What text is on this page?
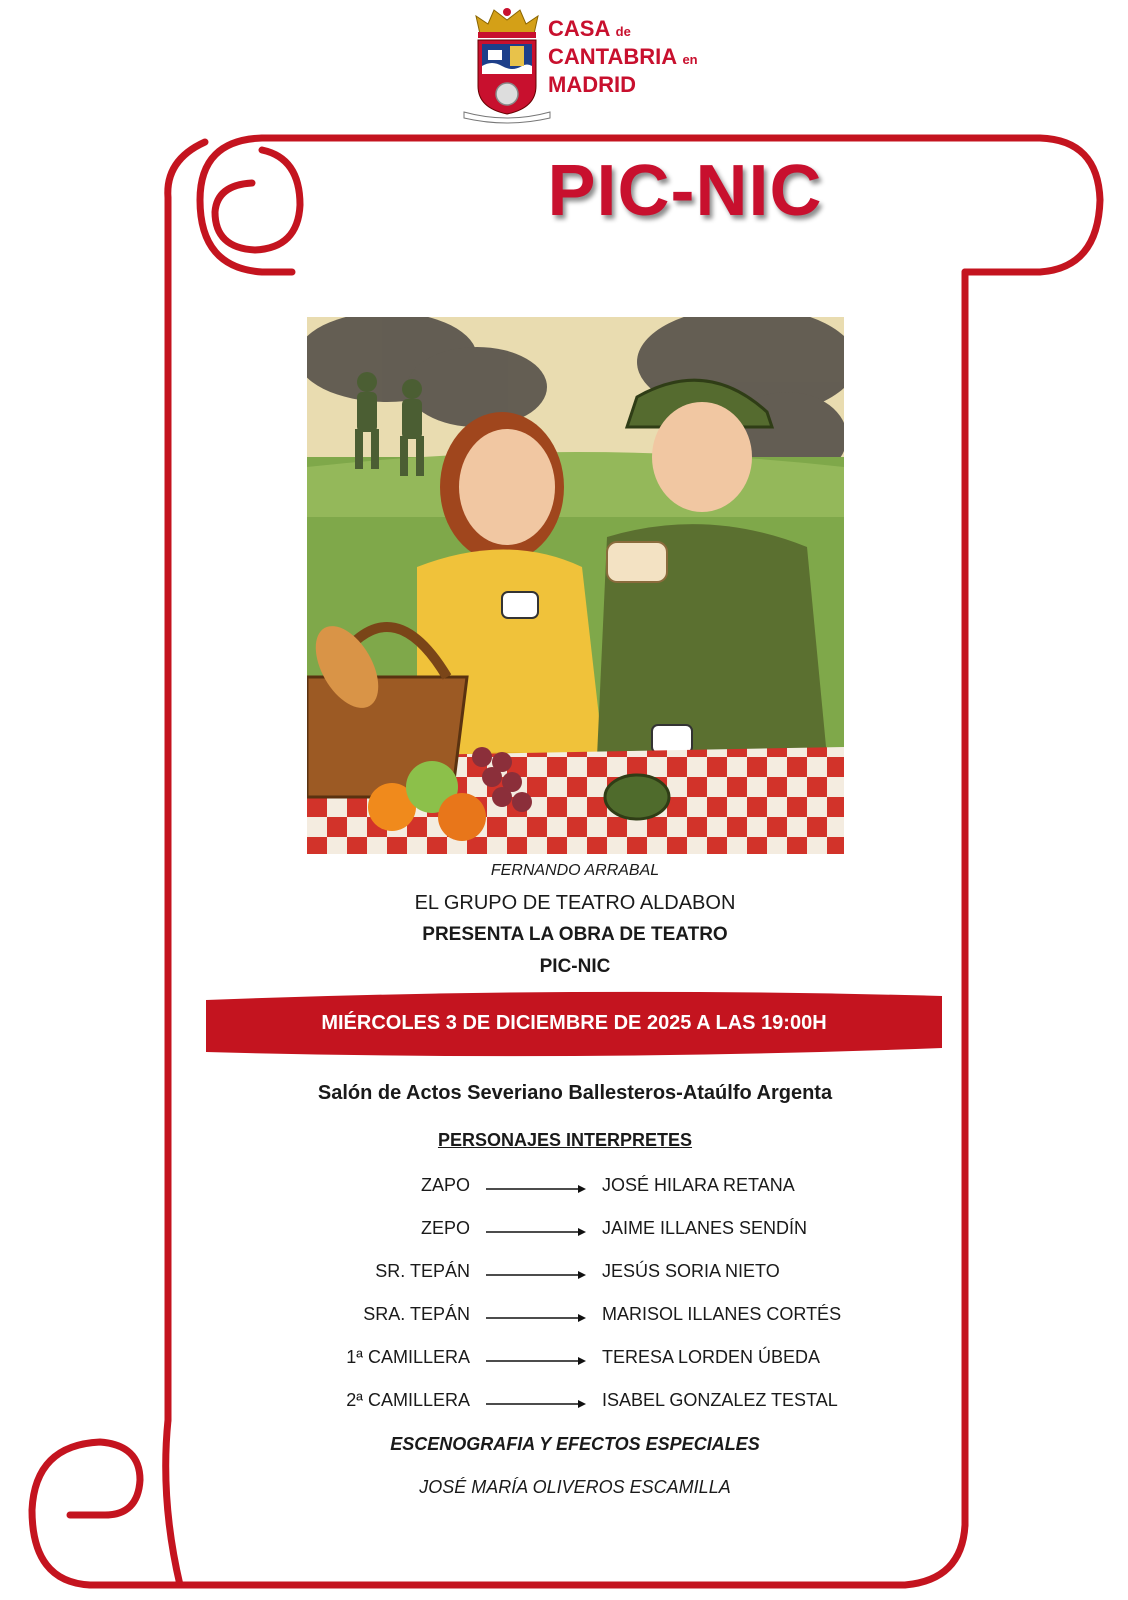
CASA de
CANTABRIA en
MADRID
PIC-NIC
FERNANDO ARRABAL
EL GRUPO DE TEATRO ALDABON
PRESENTA LA OBRA DE TEATRO
PIC-NIC
MIÉRCOLES 3 DE DICIEMBRE DE 2025 A LAS 19:00H
Salón de Actos Severiano Ballesteros-Ataúlfo Argenta
PERSONAJES INTERPRETES
ZAPO	JOSÉ HILARA RETANA
ZEPO	JAIME ILLANES SENDÍN
SR. TEPÁN	JESÚS SORIA NIETO
SRA. TEPÁN	MARISOL ILLANES CORTÉS
1ª CAMILLERA	TERESA LORDEN ÚBEDA
2ª CAMILLERA	ISABEL GONZALEZ TESTAL
ESCENOGRAFIA Y EFECTOS ESPECIALES
JOSÉ MARÍA OLIVEROS ESCAMILLA
